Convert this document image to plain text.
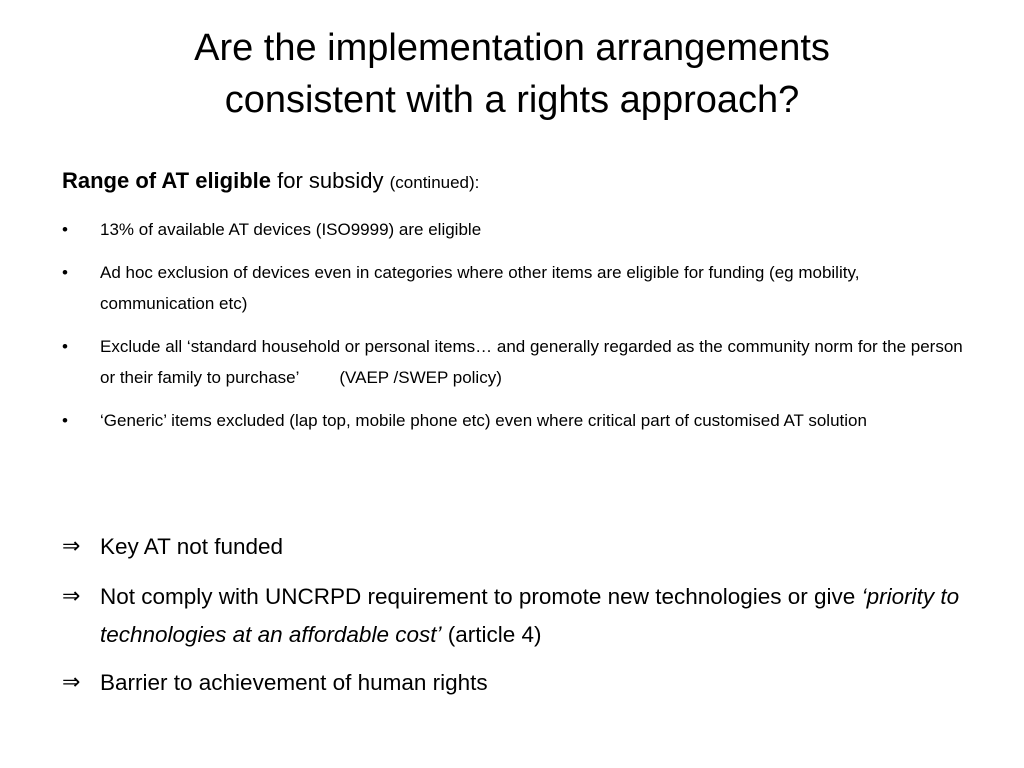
Are the implementation arrangements
consistent with a rights approach?
Range of AT eligible for subsidy (continued):
• 13% of available AT devices (ISO9999) are eligible
• Ad hoc exclusion of devices even in categories where other items are eligible for funding (eg mobility, communication etc)
• Exclude all ‘standard household or personal items… and generally regarded as the community norm for the person or their family to purchase’ (VAEP /SWEP policy)
• ‘Generic’ items excluded (lap top, mobile phone etc) even where critical part of customised AT solution
⇒ Key AT not funded
⇒ Not comply with UNCRPD requirement to promote new technologies or give ‘priority to technologies at an affordable cost’ (article 4)
⇒ Barrier to achievement of human rights
